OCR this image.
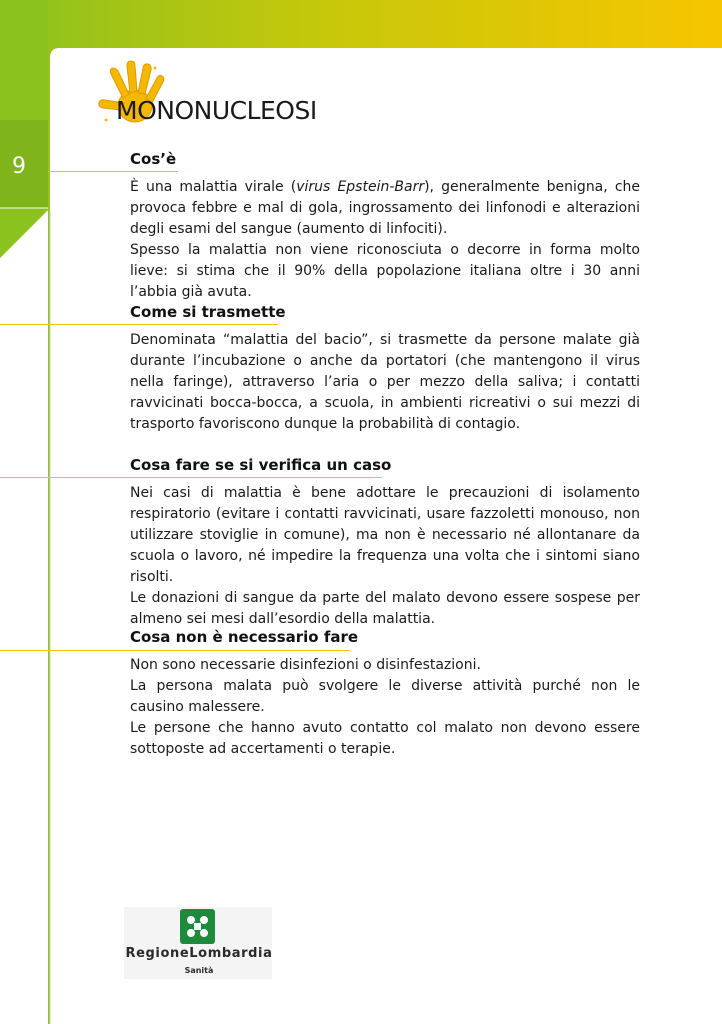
9
MONONUCLEOSI
Cos’è

È una malattia virale (virus Epstein-Barr), generalmente benigna, che provoca febbre e mal di gola, ingrossamento dei linfonodi e alterazioni degli esami del sangue (aumento di linfociti).

Spesso la malattia non viene riconosciuta o decorre in forma molto lieve: si stima che il 90% della popolazione italiana oltre i 30 anni l’abbia già avuta.

Come si trasmette

Denominata “malattia del bacio”, si trasmette da persone malate già durante l’incubazione o anche da portatori (che mantengono il virus nella faringe), attraverso l’aria o per mezzo della saliva; i contatti ravvicinati bocca-bocca, a scuola, in ambienti ricreativi o sui mezzi di trasporto favoriscono dunque la probabilità di contagio.

Cosa fare se si verifica un caso

Nei casi di malattia è bene adottare le precauzioni di isolamento respiratorio (evitare i contatti ravvicinati, usare fazzoletti monouso, non utilizzare stoviglie in comune), ma non è necessario né allontanare da scuola o lavoro, né impedire la frequenza una volta che i sintomi siano risolti.

Le donazioni di sangue da parte del malato devono essere sospese per almeno sei mesi dall’esordio della malattia.

Cosa non è necessario fare

Non sono necessarie disinfezioni o disinfestazioni.

La persona malata può svolgere le diverse attività purché non le causino malessere.

Le persone che hanno avuto contatto col malato non devono essere sottoposte ad accertamenti o terapie.

RegioneLombardia
Sanità
